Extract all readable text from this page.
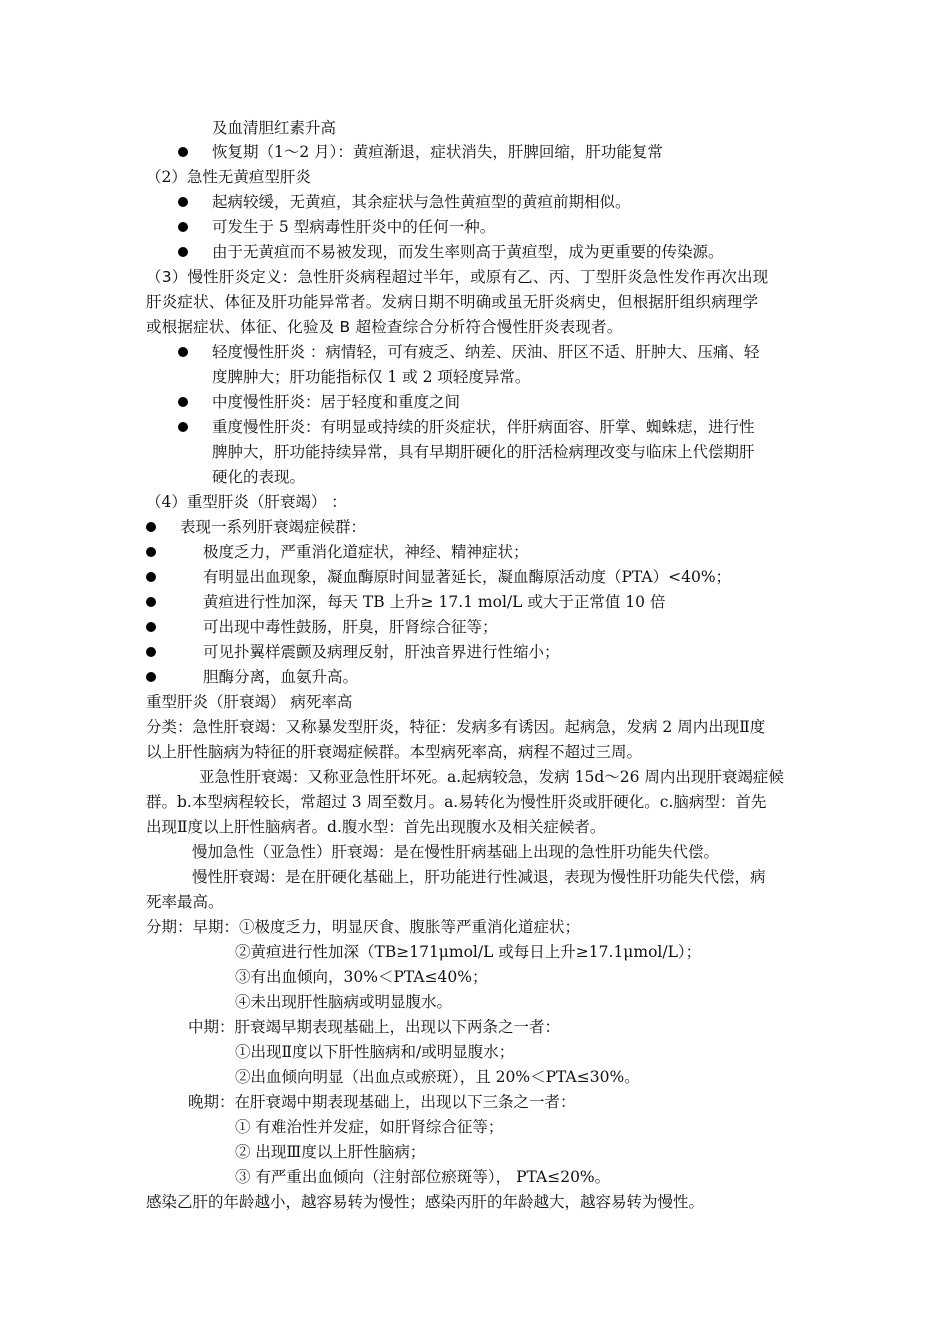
及血清胆红素升高
恢复期（1～2 月）：黄疸渐退，症状消失，肝脾回缩，肝功能复常
（2）急性无黄疸型肝炎
起病较缓，无黄疸，其余症状与急性黄疸型的黄疸前期相似。
可发生于 5 型病毒性肝炎中的任何一种。
由于无黄疸而不易被发现，而发生率则高于黄疸型，成为更重要的传染源。
（3）慢性肝炎定义：急性肝炎病程超过半年，或原有乙、丙、丁型肝炎急性发作再次出现
肝炎症状、体征及肝功能异常者。发病日期不明确或虽无肝炎病史，但根据肝组织病理学
或根据症状、体征、化验及 B 超检查综合分析符合慢性肝炎表现者。
轻度慢性肝炎 ：病情轻，可有疲乏、纳差、厌油、肝区不适、肝肿大、压痛、轻
度脾肿大；肝功能指标仅 1 或 2 项轻度异常。
中度慢性肝炎：居于轻度和重度之间
重度慢性肝炎：有明显或持续的肝炎症状，伴肝病面容、肝掌、蜘蛛痣，进行性
脾肿大，肝功能持续异常，具有早期肝硬化的肝活检病理改变与临床上代偿期肝
硬化的表现。
（4）重型肝炎（肝衰竭） ：
表现一系列肝衰竭症候群：
极度乏力，严重消化道症状，神经、精神症状；
有明显出血现象，凝血酶原时间显著延长，凝血酶原活动度（PTA）<40%；
黄疸进行性加深，每天 TB 上升≥ 17.1 mol/L 或大于正常值 10 倍
可出现中毒性鼓肠，肝臭，肝肾综合征等；
可见扑翼样震颤及病理反射，肝浊音界进行性缩小；
胆酶分离，血氨升高。
重型肝炎（肝衰竭） 病死率高
分类：急性肝衰竭：又称暴发型肝炎，特征：发病多有诱因。起病急，发病 2 周内出现Ⅱ度
以上肝性脑病为特征的肝衰竭症候群。本型病死率高，病程不超过三周。
亚急性肝衰竭：又称亚急性肝坏死。a.起病较急，发病 15d～26 周内出现肝衰竭症候
群。b.本型病程较长，常超过 3 周至数月。a.易转化为慢性肝炎或肝硬化。c.脑病型：首先
出现Ⅱ度以上肝性脑病者。d.腹水型：首先出现腹水及相关症候者。
慢加急性（亚急性）肝衰竭：是在慢性肝病基础上出现的急性肝功能失代偿。
慢性肝衰竭：是在肝硬化基础上，肝功能进行性减退，表现为慢性肝功能失代偿，病
死率最高。
分期：早期：①极度乏力，明显厌食、腹胀等严重消化道症状；
②黄疸进行性加深（TB≥171μmol/L 或每日上升≥17.1μmol/L）；
③有出血倾向，30%＜PTA≤40%；
④未出现肝性脑病或明显腹水。
中期：肝衰竭早期表现基础上，出现以下两条之一者：
①出现Ⅱ度以下肝性脑病和/或明显腹水；
②出血倾向明显（出血点或瘀斑），且 20%＜PTA≤30%。
晚期：在肝衰竭中期表现基础上，出现以下三条之一者：
① 有难治性并发症，如肝肾综合征等；
② 出现Ⅲ度以上肝性脑病；
③ 有严重出血倾向（注射部位瘀斑等）， PTA≤20%。
感染乙肝的年龄越小，越容易转为慢性；感染丙肝的年龄越大，越容易转为慢性。
